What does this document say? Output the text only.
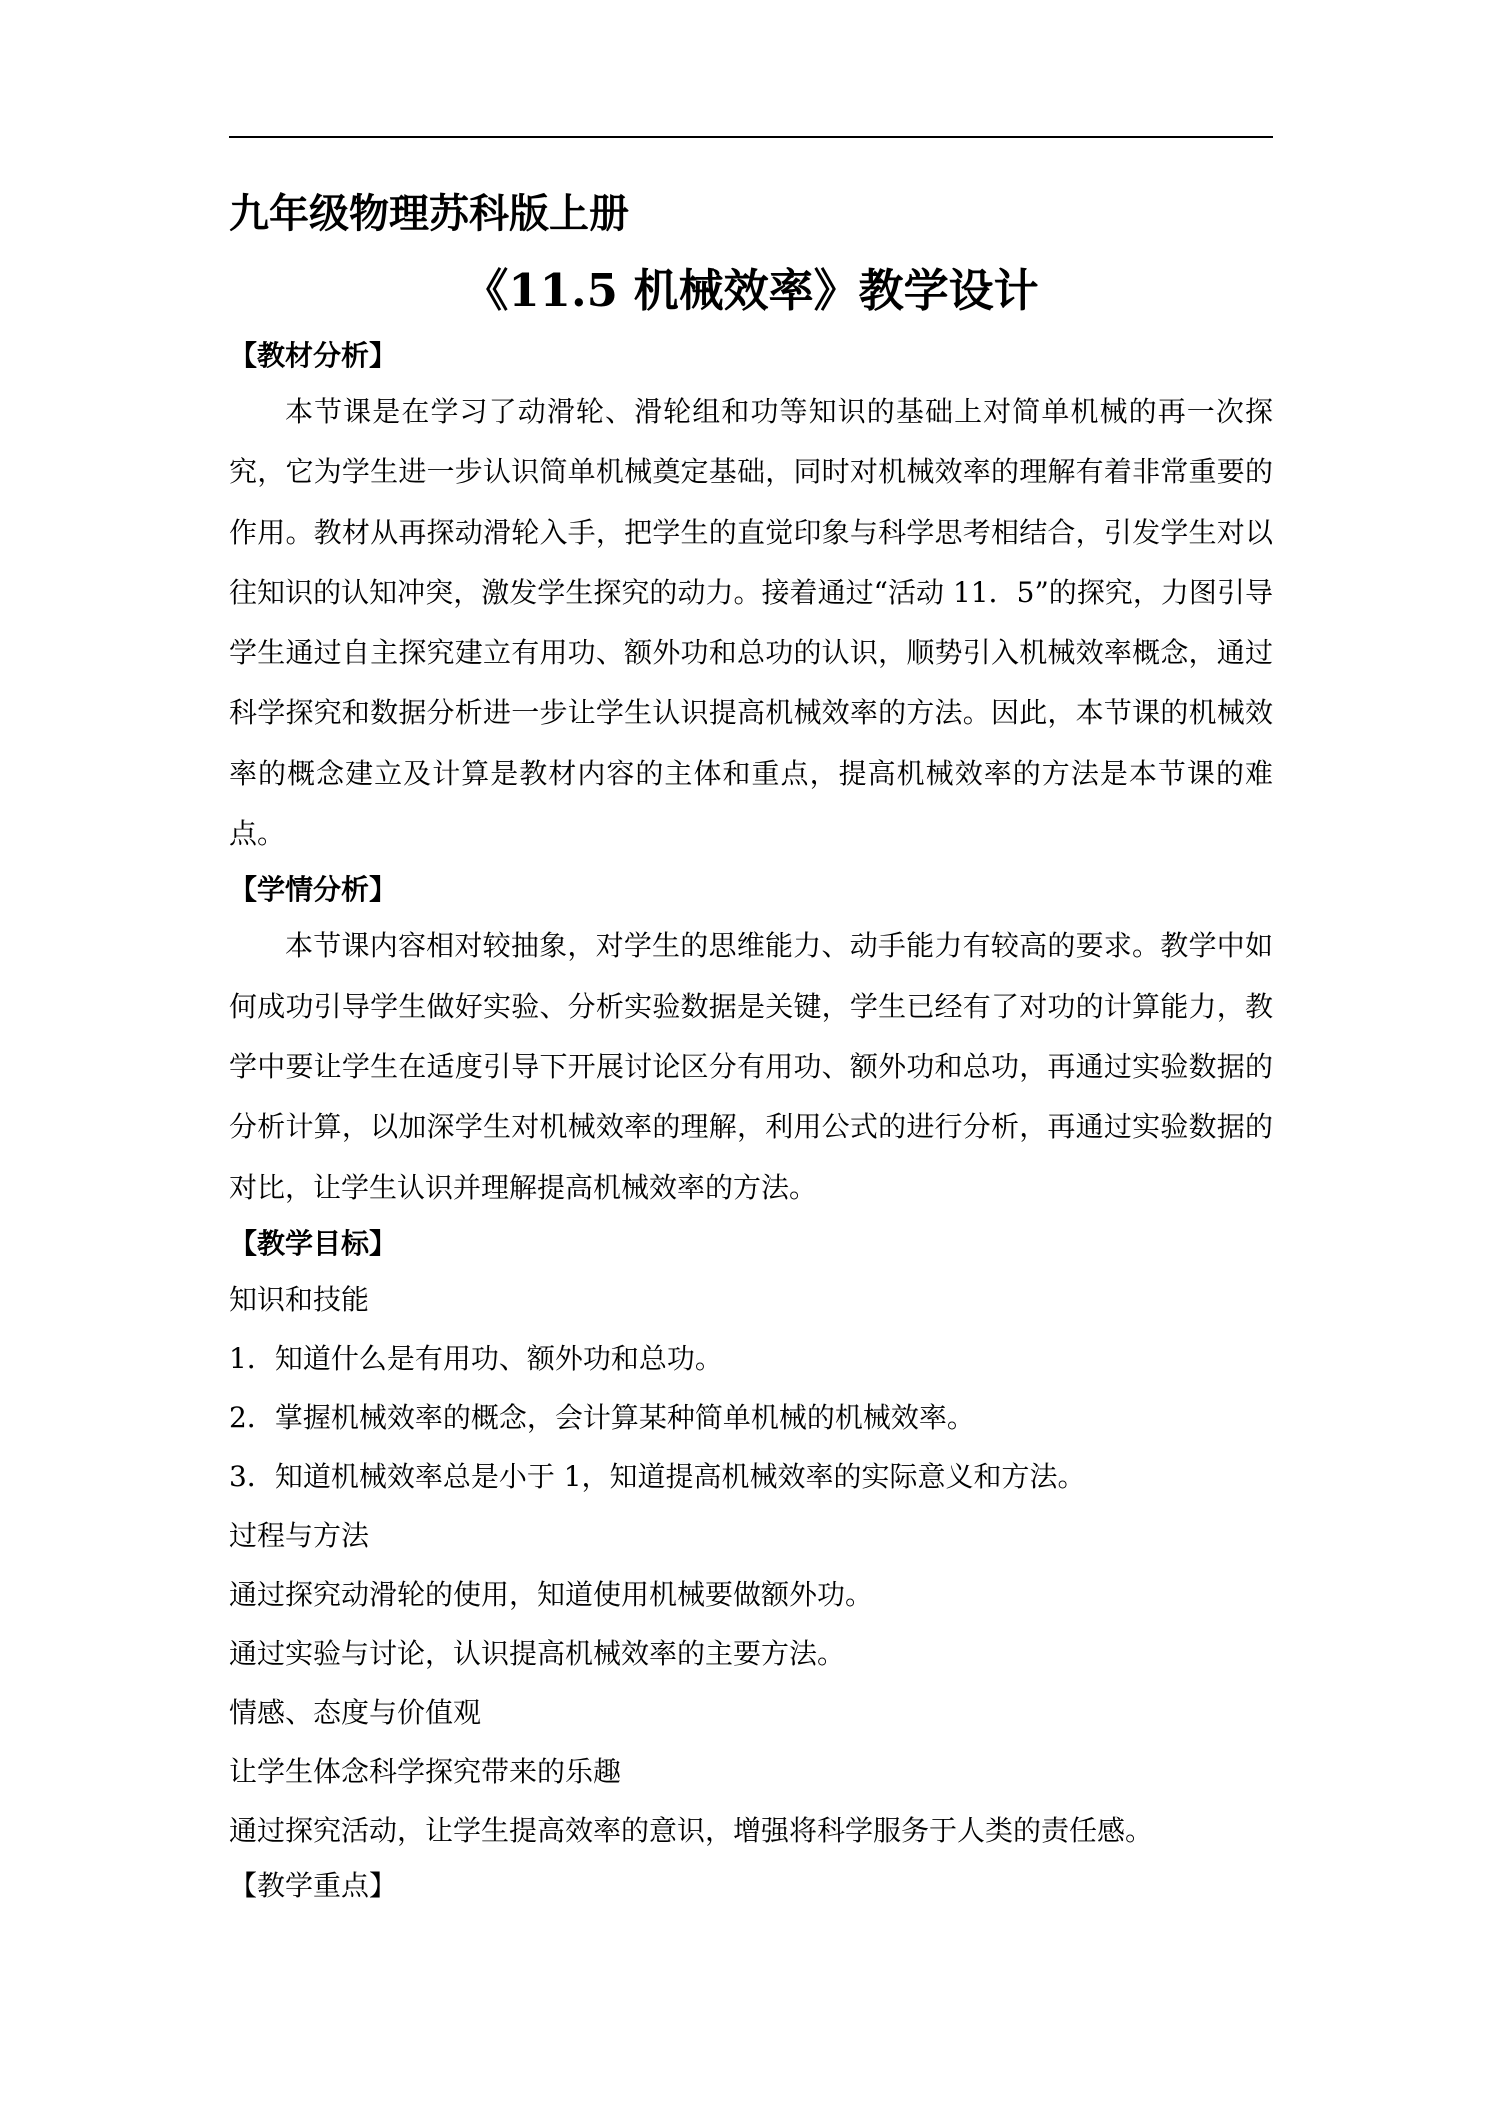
九年级物理苏科版上册
《11.5 机械效率》教学设计
【教材分析】

本节课是在学习了动滑轮、滑轮组和功等知识的基础上对简单机械的再一次探究，它为学生进一步认识简单机械奠定基础，同时对机械效率的理解有着非常重要的作用。教材从再探动滑轮入手，把学生的直觉印象与科学思考相结合，引发学生对以往知识的认知冲突，激发学生探究的动力。接着通过“活动 11．5”的探究，力图引导学生通过自主探究建立有用功、额外功和总功的认识，顺势引入机械效率概念，通过科学探究和数据分析进一步让学生认识提高机械效率的方法。因此，本节课的机械效率的概念建立及计算是教材内容的主体和重点，提高机械效率的方法是本节课的难点。

【学情分析】

本节课内容相对较抽象，对学生的思维能力、动手能力有较高的要求。教学中如何成功引导学生做好实验、分析实验数据是关键，学生已经有了对功的计算能力，教学中要让学生在适度引导下开展讨论区分有用功、额外功和总功，再通过实验数据的分析计算，以加深学生对机械效率的理解，利用公式的进行分析，再通过实验数据的对比，让学生认识并理解提高机械效率的方法。

【教学目标】
知识和技能
1．知道什么是有用功、额外功和总功。
2．掌握机械效率的概念，会计算某种简单机械的机械效率。
3．知道机械效率总是小于 1，知道提高机械效率的实际意义和方法。
过程与方法
通过探究动滑轮的使用，知道使用机械要做额外功。
通过实验与讨论，认识提高机械效率的主要方法。
情感、态度与价值观
让学生体念科学探究带来的乐趣
通过探究活动，让学生提高效率的意识，增强将科学服务于人类的责任感。
【教学重点】
